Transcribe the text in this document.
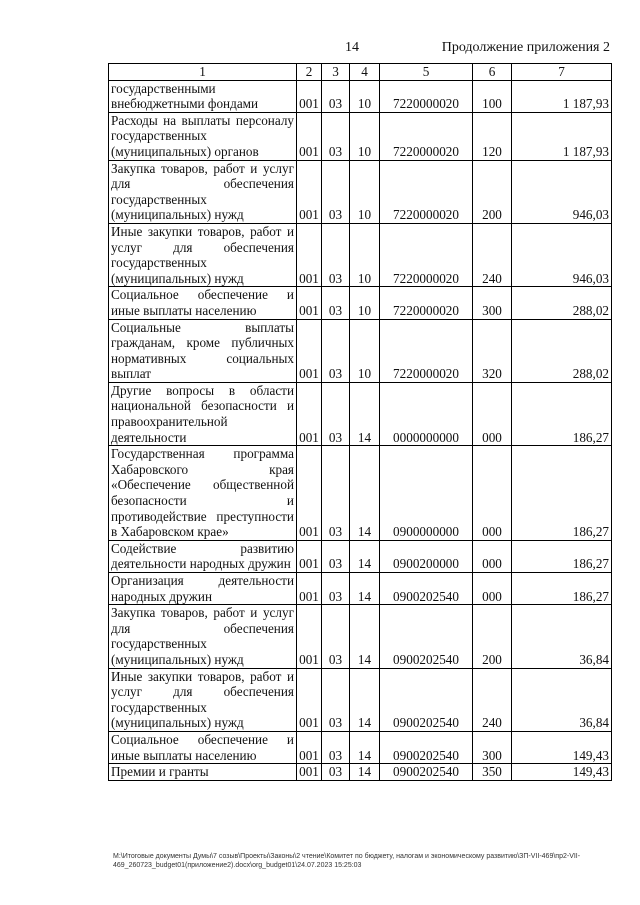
14	Продолжение приложения 2
1	2	3	4	5	6	7
государственными внебюджетными фондами	001	03	10	7220000020	100	1 187,93
Расходы на выплаты персоналу государственных (муниципальных) органов	001	03	10	7220000020	120	1 187,93
Закупка товаров, работ и услуг для обеспечения государственных (муниципальных) нужд	001	03	10	7220000020	200	946,03
Иные закупки товаров, работ и услуг для обеспечения государственных (муниципальных) нужд	001	03	10	7220000020	240	946,03
Социальное обеспечение и иные выплаты населению	001	03	10	7220000020	300	288,02
Социальные выплаты гражданам, кроме публичных нормативных социальных выплат	001	03	10	7220000020	320	288,02
Другие вопросы в области национальной безопасности и правоохранительной деятельности	001	03	14	0000000000	000	186,27
Государственная программа Хабаровского края «Обеспечение общественной безопасности и противодействие преступности в Хабаровском крае»	001	03	14	0900000000	000	186,27
Содействие развитию деятельности народных дружин	001	03	14	0900200000	000	186,27
Организация деятельности народных дружин	001	03	14	0900202540	000	186,27
Закупка товаров, работ и услуг для обеспечения государственных (муниципальных) нужд	001	03	14	0900202540	200	36,84
Иные закупки товаров, работ и услуг для обеспечения государственных (муниципальных) нужд	001	03	14	0900202540	240	36,84
Социальное обеспечение и иные выплаты населению	001	03	14	0900202540	300	149,43
Премии и гранты	001	03	14	0900202540	350	149,43
M:\Итоговые документы Думы\7 созыв\Проекты\Законы\2 чтение\Комитет по бюджету, налогам и экономическому развитию\ЗП-VII-469\пр2-VII-469_260723_budget01(приложение2).docx\org_budget01\24.07.2023 15:25:03
